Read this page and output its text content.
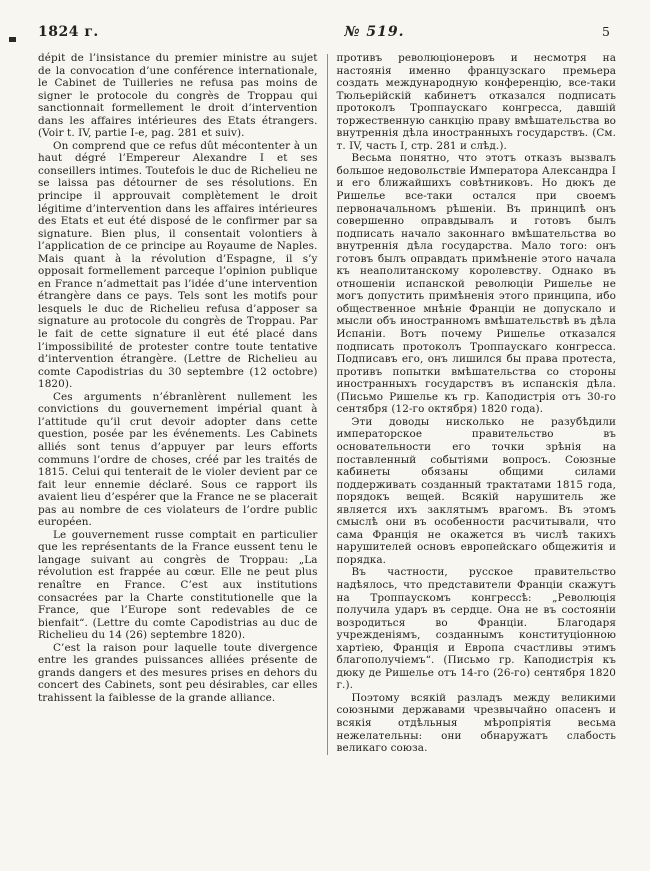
1824 г.	№ 519.	5

dépit de l’insistance du premier ministre au sujet de la convocation d’une conférence internationale, le Cabinet de Tuilleries ne refusa pas moins de signer le protocole du congrès de Troppau qui sanctionnait formellement le droit d’intervention dans les affaires intérieures des Etats étrangers. (Voir t. IV, partie I-e, pag. 281 et suiv).

On comprend que ce refus dût mécontenter à un haut dégré l’Empereur Alexandre I et ses conseillers intimes. Toutefois le duc de Richelieu ne se laissa pas détourner de ses résolutions. En principe il approuvait complètement le droit légitime d’intervention dans les affaires intérieures des Etats et eut été disposé de le confirmer par sa signature. Bien plus, il consentait volontiers à l’application de ce principe au Royaume de Naples. Mais quant à la révolution d’Espagne, il s’y opposait formellement parceque l’opinion publique en France n’admettait pas l’idée d’une intervention étrangère dans ce pays. Tels sont les motifs pour lesquels le duc de Richelieu refusa d’apposer sa signature au protocole du congrès de Troppau. Par le fait de cette signature il eut été placé dans l’impossibilité de protester contre toute tentative d’intervention étrangère. (Lettre de Richelieu au comte Capodistrias du 30 septembre (12 octobre) 1820).

Ces arguments n’ébranlèrent nullement les convictions du gouvernement impérial quant à l’attitude qu’il crut devoir adopter dans cette question, posée par les événements. Les Cabinets alliés sont tenus d’appuyer par leurs efforts communs l’ordre de choses, créé par les traités de 1815. Celui qui tenterait de le violer devient par ce fait leur ennemie déclaré. Sous ce rapport ils avaient lieu d’espérer que la France ne se placerait pas au nombre de ces violateurs de l’ordre public européen.

Le gouvernement russe comptait en particulier que les représentants de la France eussent tenu le langage suivant au congrès de Troppau: „La révolution est frappée au cœur. Elle ne peut plus renaître en France. C’est aux institutions consacrées par la Charte constitutionelle que la France, que l’Europe sont redevables de ce bienfait“. (Lettre du comte Capodistrias au duc de Richelieu du 14 (26) septembre 1820).

C’est la raison pour laquelle toute divergence entre les grandes puissances alliées présente de grands dangers et des mesures prises en dehors du concert des Cabinets, sont peu désirables, car elles trahissent la faiblesse de la grande alliance.

противъ революціонеровъ и несмотря на настоянія именно французскаго премьера создать международную конференцію, все-таки Тюльерійскій кабинетъ отказался подписать протоколъ Троппаускаго конгресса, давшій торжественную санкцію праву вмѣшательства во внутреннія дѣла иностранныхъ государствъ. (См. т. IV, часть I, стр. 281 и слѣд.).

Весьма понятно, что этотъ отказъ вызвалъ большое недовольствіе Императора Александра I и его ближайшихъ совѣтниковъ. Но дюкъ де Ришелье все-таки остался при своемъ первоначальномъ рѣшеніи. Въ принципѣ онъ совершенно оправдывалъ и готовъ былъ подписать начало законнаго вмѣшательства во внутреннія дѣла государства. Мало того: онъ готовъ былъ оправдать примѣненіе этого начала къ неаполитанскому королевству. Однако въ отношеніи испанской революціи Ришелье не могъ допустить примѣненія этого принципа, ибо общественное мнѣніе Франціи не допускало и мысли объ иностранномъ вмѣшательствѣ въ дѣла Испаніи. Вотъ почему Ришелье отказался подписать протоколъ Троппаускаго конгресса. Подписавъ его, онъ лишился бы права протеста, противъ попытки вмѣшательства со стороны иностранныхъ государствъ въ испанскія дѣла. (Письмо Ришелье къ гр. Каподистрія отъ 30-го сентября (12-го октября) 1820 года).

Эти доводы нисколько не разубѣдили императорское правительство въ основательности его точки зрѣнія на поставленный событіями вопросъ. Союзные кабинеты обязаны общими силами поддерживать созданный трактатами 1815 года, порядокъ вещей. Всякій нарушитель же является ихъ заклятымъ врагомъ. Въ этомъ смыслѣ они въ особенности расчитывали, что сама Франція не окажется въ числѣ такихъ нарушителей основъ европейскаго общежитія и порядка.

Въ частности, русское правительство надѣялось, что представители Франціи скажутъ на Троппаускомъ конгрессѣ: „Революція получила ударъ въ сердце. Она не въ состояніи возродиться во Франціи. Благодаря учрежденіямъ, созданнымъ конституціонною хартіею, Франція и Европа счастливы этимъ благополучіемъ“. (Письмо гр. Каподистрія къ дюку де Ришелье отъ 14-го (26-го) сентября 1820 г.).

Поэтому всякій разладъ между великими союзными державами чрезвычайно опасенъ и всякія отдѣльныя мѣропріятія весьма нежелательны: они обнаружатъ слабость великаго союза.
